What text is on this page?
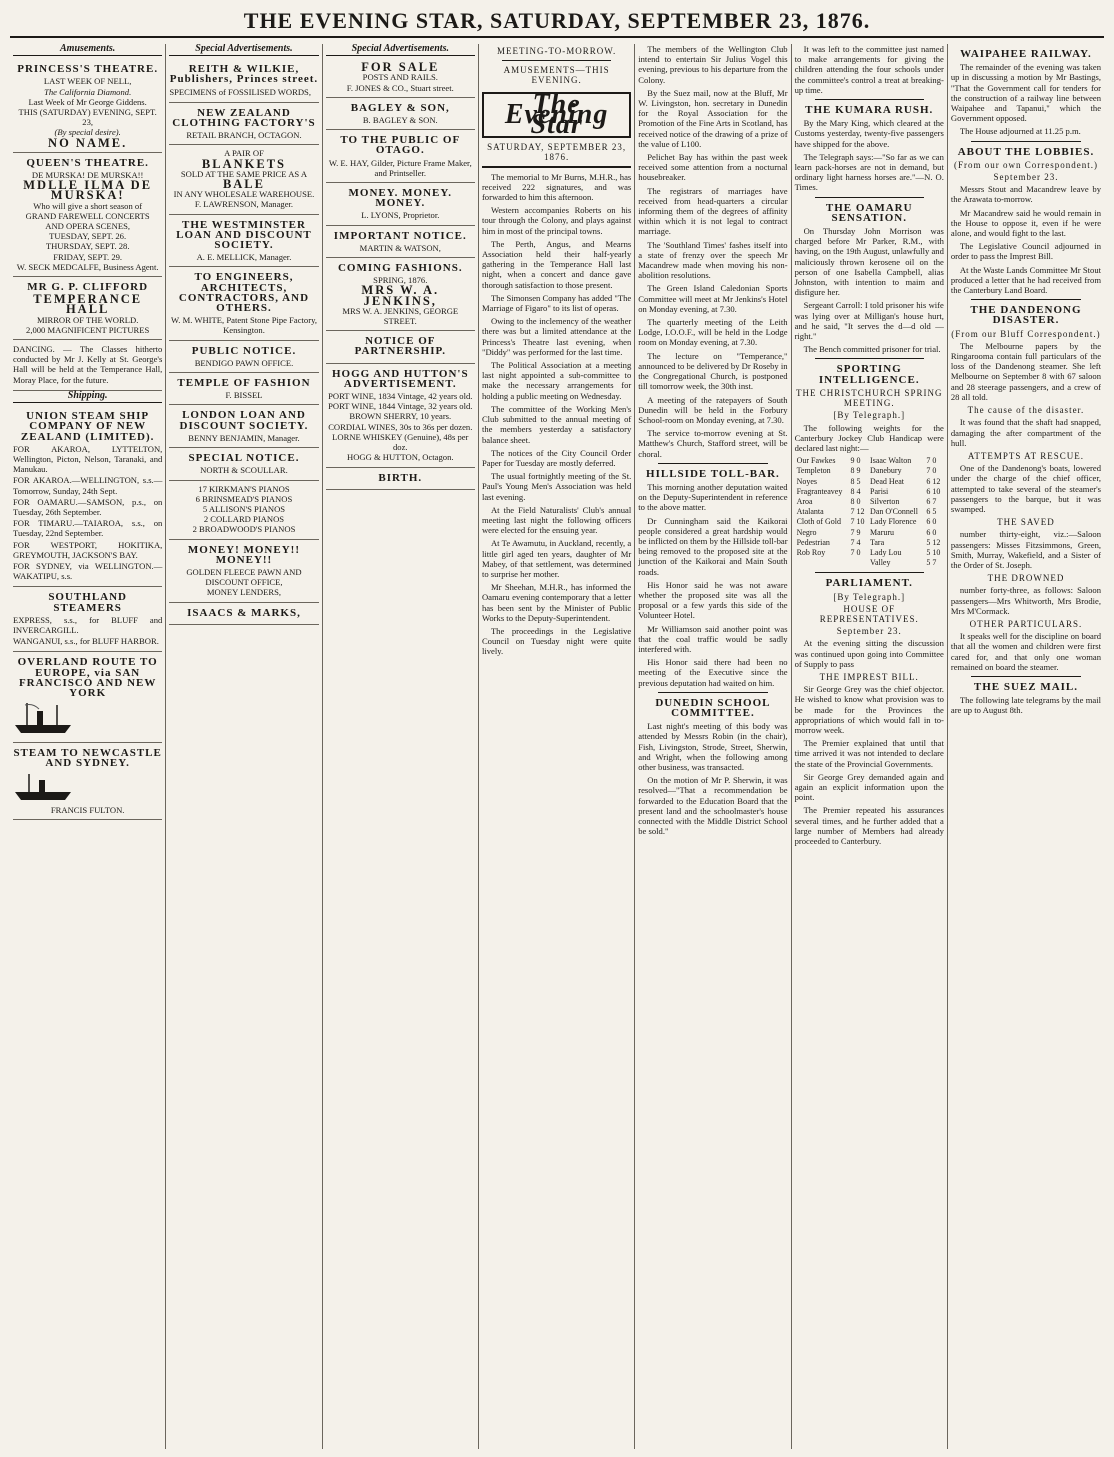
THE EVENING STAR, SATURDAY, SEPTEMBER 23, 1876.
Amusements.
PRINCESS'S THEATRE.
LAST WEEK OF NELL,
The California Diamond.
Last Week of Mr George Giddens.
THIS (SATURDAY) EVENING, SEPT. 23,
(By special desire).
NO NAME.
QUEEN'S THEATRE.
DE MURSKA! DE MURSKA!!
MDLLE ILMA DE MURSKA!
Who will give a short season of
GRAND FAREWELL CONCERTS
AND OPERA SCENES,
TUESDAY, SEPT. 26.
THURSDAY, SEPT. 28.
FRIDAY, SEPT. 29.
W. SECK MEDCALFE, Business Agent.
MR G. P. CLIFFORD
TEMPERANCE HALL
MIRROR OF THE WORLD.
2,000 MAGNIFICENT PICTURES

DANCING. — The Classes hitherto conducted by Mr J. Kelly at St. George's Hall will be held at the Temperance Hall, Moray Place, for the future.

Shipping.
UNION STEAM SHIP COMPANY OF NEW ZEALAND (LIMITED).

FOR AKAROA, LYTTELTON, Wellington, Picton, Nelson, Taranaki, and Manukau.

FOR AKAROA.—WELLINGTON, s.s.—Tomorrow, Sunday, 24th Sept.

FOR OAMARU.—SAMSON, p.s., on Tuesday, 26th September.

FOR TIMARU.—TAIAROA, s.s., on Tuesday, 22nd September.

FOR WESTPORT, HOKITIKA, GREYMOUTH, JACKSON'S BAY.

FOR SYDNEY, via WELLINGTON.—WAKATIPU, s.s.

SOUTHLAND STEAMERS

EXPRESS, s.s., for BLUFF and INVERCARGILL.

WANGANUI, s.s., for BLUFF HARBOR.

OVERLAND ROUTE TO EUROPE, via SAN FRANCISCO AND NEW YORK
STEAM TO NEWCASTLE AND SYDNEY.
FRANCIS FULTON.
Special Advertisements.
REITH & WILKIE, Publishers, Princes street.

SPECIMENS of FOSSILISED WORDS,

NEW ZEALAND CLOTHING FACTORY'S
RETAIL BRANCH, OCTAGON.
A PAIR OF
BLANKETS
SOLD AT THE SAME PRICE AS A
BALE
IN ANY WHOLESALE WAREHOUSE.
F. LAWRENSON, Manager.
THE WESTMINSTER LOAN AND DISCOUNT SOCIETY.
A. E. MELLICK, Manager.
TO ENGINEERS, ARCHITECTS, CONTRACTORS, AND OTHERS.
W. M. WHITE, Patent Stone Pipe Factory, Kensington.
PUBLIC NOTICE.
BENDIGO PAWN OFFICE.
TEMPLE OF FASHION
F. BISSEL
LONDON LOAN AND DISCOUNT SOCIETY.
BENNY BENJAMIN, Manager.
SPECIAL NOTICE.
NORTH & SCOULLAR.
17 KIRKMAN'S PIANOS
6 BRINSMEAD'S PIANOS
5 ALLISON'S PIANOS
2 COLLARD PIANOS
2 BROADWOOD'S PIANOS
MONEY! MONEY!! MONEY!!
GOLDEN FLEECE PAWN AND DISCOUNT OFFICE,
MONEY LENDERS,
ISAACS & MARKS,
Special Advertisements.
FOR SALE
POSTS AND RAILS.
F. JONES & CO., Stuart street.
BAGLEY & SON,
B. BAGLEY & SON.
TO THE PUBLIC OF OTAGO.
W. E. HAY, Gilder, Picture Frame Maker, and Printseller.
MONEY. MONEY. MONEY.
L. LYONS, Proprietor.
IMPORTANT NOTICE.
MARTIN & WATSON,
COMING FASHIONS.
SPRING, 1876.
MRS W. A. JENKINS,
MRS W. A. JENKINS, GEORGE STREET.
NOTICE OF PARTNERSHIP.
HOGG AND HUTTON'S ADVERTISEMENT.
PORT WINE, 1834 Vintage, 42 years old.
PORT WINE, 1844 Vintage, 32 years old.
BROWN SHERRY, 10 years.
CORDIAL WINES, 30s to 36s per dozen.
LORNE WHISKEY (Genuine), 48s per doz.
HOGG & HUTTON, Octagon.
BIRTH.
MEETING-TO-MORROW.
AMUSEMENTS—THIS EVENING.
The Evening Star
SATURDAY, SEPTEMBER 23, 1876.

The memorial to Mr Burns, M.H.R., has received 222 signatures, and was forwarded to him this afternoon.

Western accompanies Roberts on his tour through the Colony, and plays against him in most of the principal towns.

The Perth, Angus, and Mearns Association held their half-yearly gathering in the Temperance Hall last night, when a concert and dance gave thorough satisfaction to those present.

The Simonsen Company has added "The Marriage of Figaro" to its list of operas.

Owing to the inclemency of the weather there was but a limited attendance at the Princess's Theatre last evening, when "Diddy" was performed for the last time.

The Political Association at a meeting last night appointed a sub-committee to make the necessary arrangements for holding a public meeting on Wednesday.

The committee of the Working Men's Club submitted to the annual meeting of the members yesterday a satisfactory balance sheet.

The notices of the City Council Order Paper for Tuesday are mostly deferred.

The usual fortnightly meeting of the St. Paul's Young Men's Association was held last evening.

At the Field Naturalists' Club's annual meeting last night the following officers were elected for the ensuing year.

At Te Awamutu, in Auckland, recently, a little girl aged ten years, daughter of Mr Mabey, of that settlement, was determined to surprise her mother.

Mr Sheehan, M.H.R., has informed the Oamaru evening contemporary that a letter has been sent by the Minister of Public Works to the Deputy-Superintendent.

The proceedings in the Legislative Council on Tuesday night were quite lively.

The members of the Wellington Club intend to entertain Sir Julius Vogel this evening, previous to his departure from the Colony.

By the Suez mail, now at the Bluff, Mr W. Livingston, hon. secretary in Dunedin for the Royal Association for the Promotion of the Fine Arts in Scotland, has received notice of the drawing of a prize of the value of L100.

Pelichet Bay has within the past week received some attention from a nocturnal housebreaker.

The registrars of marriages have received from head-quarters a circular informing them of the degrees of affinity within which it is not legal to contract marriage.

The 'Southland Times' fashes itself into a state of frenzy over the speech Mr Macandrew made when moving his non-abolition resolutions.

The Green Island Caledonian Sports Committee will meet at Mr Jenkins's Hotel on Monday evening, at 7.30.

The quarterly meeting of the Leith Lodge, I.O.O.F., will be held in the Lodge room on Monday evening, at 7.30.

The lecture on "Temperance," announced to be delivered by Dr Roseby in the Congregational Church, is postponed till tomorrow week, the 30th inst.

A meeting of the ratepayers of South Dunedin will be held in the Forbury School-room on Monday evening, at 7.30.

The service to-morrow evening at St. Matthew's Church, Stafford street, will be choral.

HILLSIDE TOLL-BAR.

This morning another deputation waited on the Deputy-Superintendent in reference to the above matter.

Dr Cunningham said the Kaikorai people considered a great hardship would be inflicted on them by the Hillside toll-bar being removed to the proposed site at the junction of the Kaikorai and Main South roads.

His Honor said he was not aware whether the proposed site was all the proposal or a few yards this side of the Volunteer Hotel.

Mr Williamson said another point was that the coal traffic would be sadly interfered with.

His Honor said there had been no meeting of the Executive since the previous deputation had waited on him.

DUNEDIN SCHOOL COMMITTEE.

Last night's meeting of this body was attended by Messrs Robin (in the chair), Fish, Livingston, Strode, Street, Sherwin, and Wright, when the following among other business, was transacted.

On the motion of Mr P. Sherwin, it was resolved—"That a recommendation be forwarded to the Education Board that the present land and the schoolmaster's house connected with the Middle District School be sold."

It was left to the committee just named to make arrangements for giving the children attending the four schools under the committee's control a treat at breaking-up time.

THE KUMARA RUSH.

By the Mary King, which cleared at the Customs yesterday, twenty-five passengers have shipped for the above.

The Telegraph says:—"So far as we can learn pack-horses are not in demand, but ordinary light harness horses are."—N. O. Times.

THE OAMARU SENSATION.

On Thursday John Morrison was charged before Mr Parker, R.M., with having, on the 19th August, unlawfully and maliciously thrown kerosene oil on the person of one Isabella Campbell, alias Johnston, with intention to maim and disfigure her.

Sergeant Carroll: I told prisoner his wife was lying over at Milligan's house hurt, and he said, "It serves the d—d old — right."

The Bench committed prisoner for trial.

SPORTING INTELLIGENCE.
THE CHRISTCHURCH SPRING MEETING.
[By Telegraph.]

The following weights for the Canterbury Jockey Club Handicap were declared last night:—

Our Fawkes	9 0	Isaac Walton	7 0
Templeton	8 9	Danebury	7 0
Noyes	8 5	Dead Heat	6 12
Fragranteavey	8 4	Parisi	6 10
Aroa	8 0	Silverton	6 7
Atalanta	7 12	Dan O'Connell	6 5
Cloth of Gold	7 10	Lady Florence	6 0
Negro	7 9	Maruru	6 0
Pedestrian	7 4	Tara	5 12
Rob Roy	7 0	Lady Lou	5 10
		Valley	5 7
PARLIAMENT.
[By Telegraph.]
HOUSE OF REPRESENTATIVES.
September 23.

At the evening sitting the discussion was continued upon going into Committee of Supply to pass

THE IMPREST BILL.

Sir George Grey was the chief objector. He wished to know what provision was to be made for the Provinces the appropriations of which would fall in to-morrow week.

The Premier explained that until that time arrived it was not intended to declare the state of the Provincial Governments.

Sir George Grey demanded again and again an explicit information upon the point.

The Premier repeated his assurances several times, and he further added that a large number of Members had already proceeded to Canterbury.

WAIPAHEE RAILWAY.

The remainder of the evening was taken up in discussing a motion by Mr Bastings, "That the Government call for tenders for the construction of a railway line between Waipahee and Tapanui," which the Government opposed.

The House adjourned at 11.25 p.m.

ABOUT THE LOBBIES.
(From our own Correspondent.)
September 23.

Messrs Stout and Macandrew leave by the Arawata to-morrow.

Mr Macandrew said he would remain in the House to oppose it, even if he were alone, and would fight to the last.

The Legislative Council adjourned in order to pass the Imprest Bill.

At the Waste Lands Committee Mr Stout produced a letter that he had received from the Canterbury Land Board.

THE DANDENONG DISASTER.
(From our Bluff Correspondent.)

The Melbourne papers by the Ringarooma contain full particulars of the loss of the Dandenong steamer. She left Melbourne on September 8 with 67 saloon and 28 steerage passengers, and a crew of 28 all told.

The cause of the disaster.

It was found that the shaft had snapped, damaging the after compartment of the hull.

ATTEMPTS AT RESCUE.

One of the Dandenong's boats, lowered under the charge of the chief officer, attempted to take several of the steamer's passengers to the barque, but it was swamped.

THE SAVED

number thirty-eight, viz.:—Saloon passengers: Misses Fitzsimmons, Green, Smith, Murray, Wakefield, and a Sister of the Order of St. Joseph.

THE DROWNED

number forty-three, as follows: Saloon passengers—Mrs Whitworth, Mrs Brodie, Mrs M'Cormack.

OTHER PARTICULARS.

It speaks well for the discipline on board that all the women and children were first cared for, and that only one woman remained on board the steamer.

THE SUEZ MAIL.

The following late telegrams by the mail are up to August 8th.
